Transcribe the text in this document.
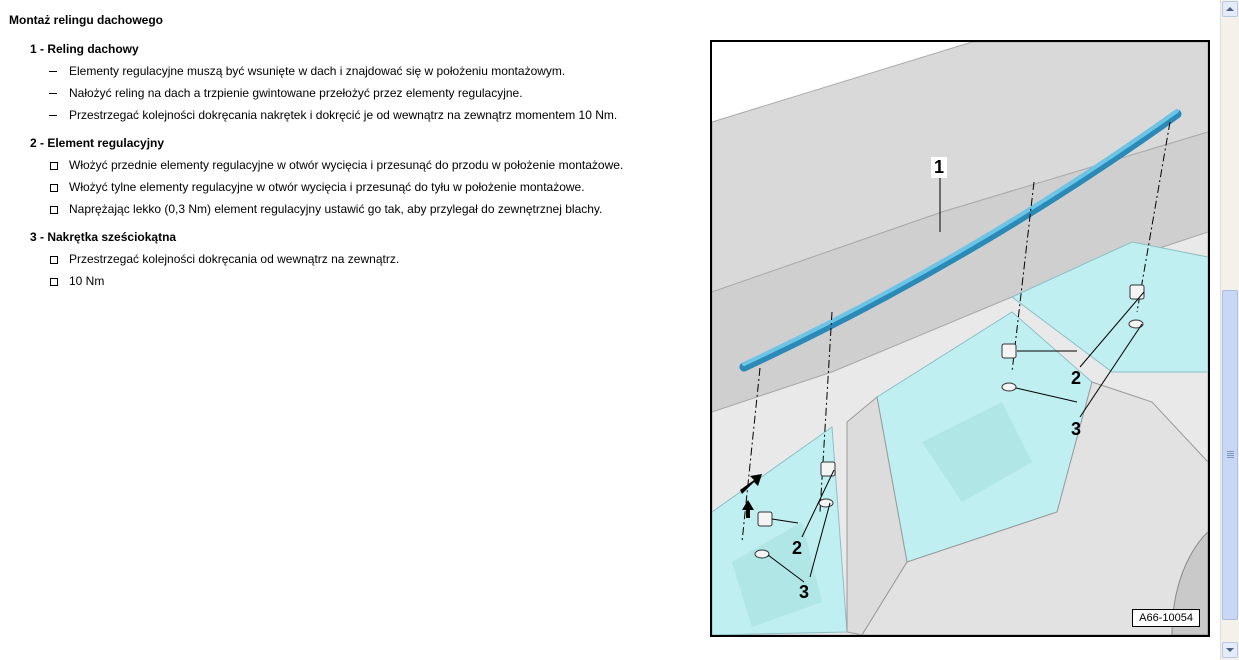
Montaż relingu dachowego
1 - Reling dachowy
Elementy regulacyjne muszą być wsunięte w dach i znajdować się w położeniu montażowym.
Nałożyć reling na dach a trzpienie gwintowane przełożyć przez elementy regulacyjne.
Przestrzegać kolejności dokręcania nakrętek i dokręcić je od wewnątrz na zewnątrz momentem 10 Nm.
2 - Element regulacyjny
Włożyć przednie elementy regulacyjne w otwór wycięcia i przesunąć do przodu w położenie montażowe.
Włożyć tylne elementy regulacyjne w otwór wycięcia i przesunąć do tyłu w położenie montażowe.
Naprężając lekko (0,3 Nm) element regulacyjny ustawić go tak, aby przylegał do zewnętrznej blachy.
3 - Nakrętka sześciokątna
Przestrzegać kolejności dokręcania od wewnątrz na zewnątrz.
10 Nm
1
2
3
2
3
A66-10054
